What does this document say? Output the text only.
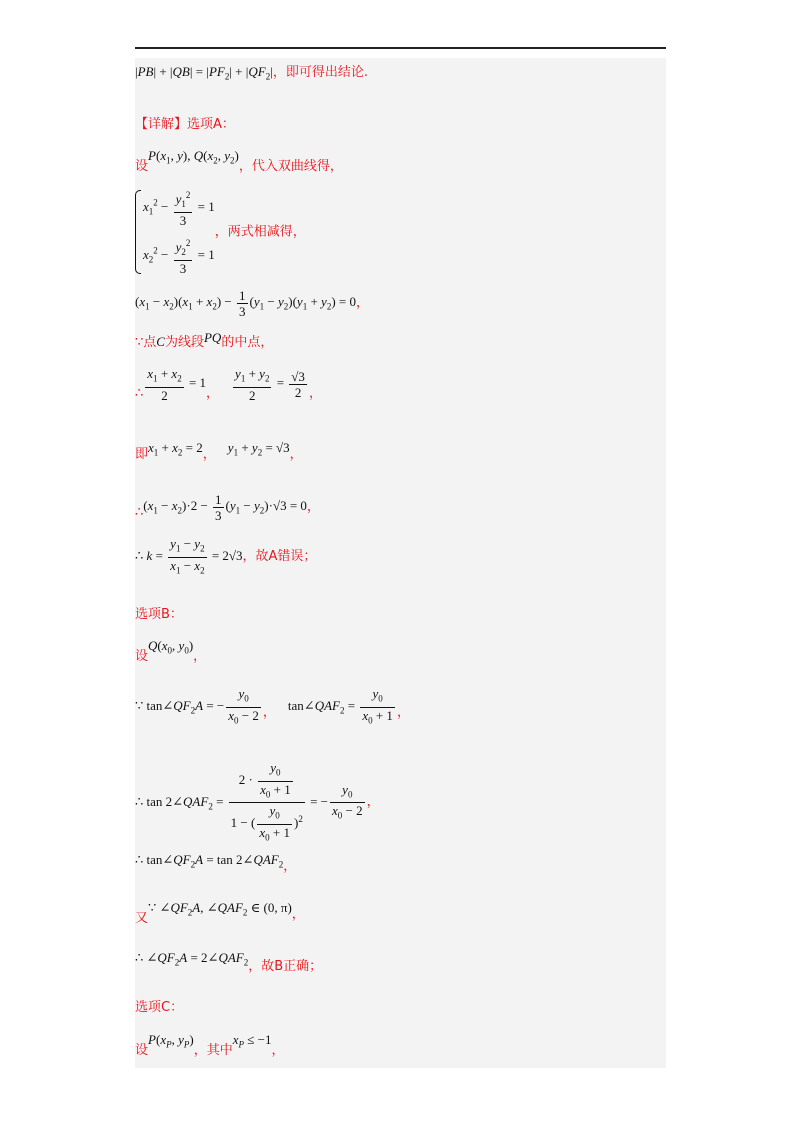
$|PB| + |QB| = |PF_2| + |QF_2|$，即可得出结论.
【详解】选项A：
设$P(x_1$, y), $Q(x_2$, $y_2$)，代入双曲线得，
$x_1^2 - \frac{y_1^2}{3} = 1$
$x_2^2 - \frac{y_2^2}{3} = 1$
，两式相减得，
$(x_1 - x_2)(x_1 + x_2) - \frac{1}{3} (y_1 - y_2)(y_1 + y_2) = 0$，
∵点C为线段PQ的中点，
∴ $\frac{x_1 + x_2}{2} = 1$， $\frac{y_1 + y_2}{2} = \frac{√3}{2}$ ，
即$x_1 + x_2 = 2$， $y_1 + y_2 = √3$，
$\therefore(x_1 - x_2)\cdot 2 - \frac{1}{3} (y_1 - y_2)\cdot√3 = 0$，
∴ $k = \frac{y_1 - y_2}{x_1 - x_2} = 2√3$，故A错误；
选项B：
设$Q(x_0$, $y_0$)，
∵ $\tan\angle QF_2A$ = − $\frac{y_0}{x_0 - 2}$ ， $\tan\angle QAF_2 = \frac{y_0}{x_0 + 1}$ ，
∴ $\tan 2\angle QAF_2 = \frac{2 \cdot \frac{y_0}{x_0 + 1}}{1 - ( \frac{y_0}{x_0 + 1} )^2}$ = − $\frac{y_0}{x_0 - 2}$ ，
∴ $\tan\angle QF_2A = \tan$ $2\angle QAF_2$，
又∵ $\angle QF_2A$, $\angle QAF_2$ ∈ (0, π)，
∴ $\angle QF_2A$ = $2\angle QAF_2$，故B正确；
选项C：
设$P(x_P$, $y_P$)，其中$x_P \le -1$，
